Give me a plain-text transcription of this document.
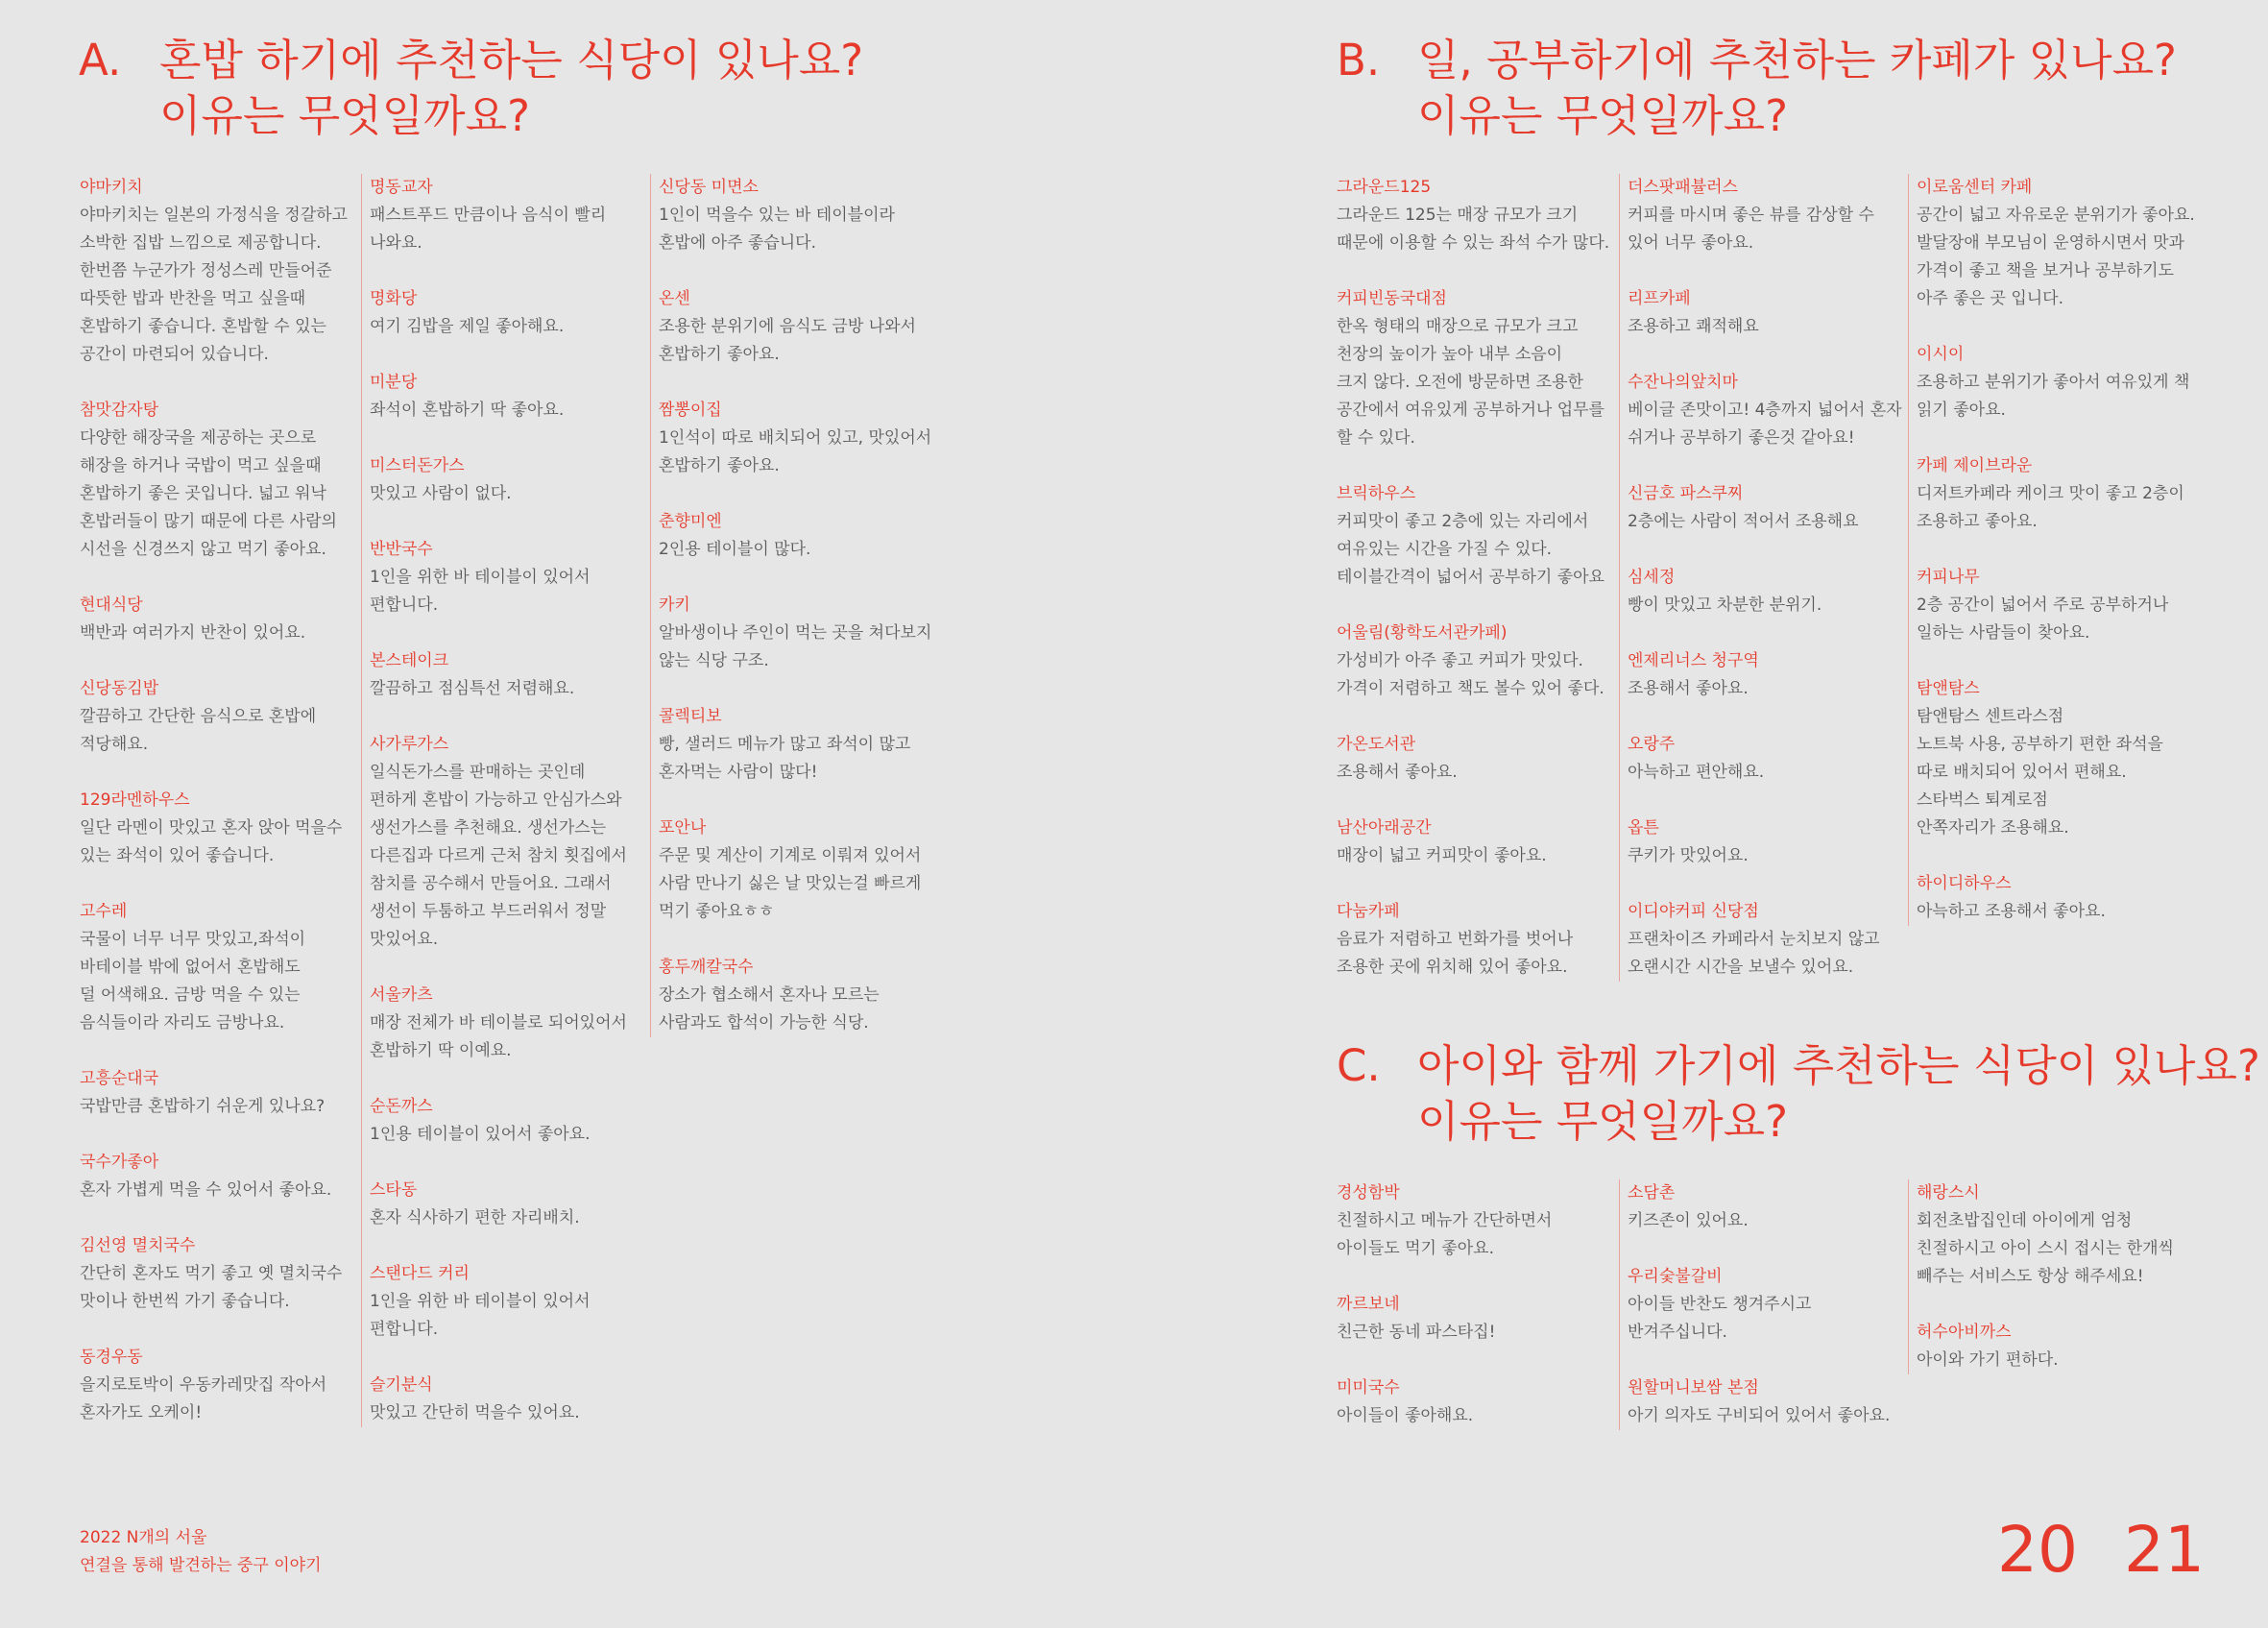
A. 혼밥 하기에 추천하는 식당이 있나요?
이유는 무엇일까요?
야마키치
야마키치는 일본의 가정식을 정갈하고
소박한 집밥 느낌으로 제공합니다.
한번쯤 누군가가 정성스레 만들어준
따뜻한 밥과 반찬을 먹고 싶을때
혼밥하기 좋습니다. 혼밥할 수 있는
공간이 마련되어 있습니다.
참맛감자탕
다양한 해장국을 제공하는 곳으로
해장을 하거나 국밥이 먹고 싶을때
혼밥하기 좋은 곳입니다. 넓고 워낙
혼밥러들이 많기 때문에 다른 사람의
시선을 신경쓰지 않고 먹기 좋아요.
현대식당
백반과 여러가지 반찬이 있어요.
신당동김밥
깔끔하고 간단한 음식으로 혼밥에
적당해요.
129라멘하우스
일단 라멘이 맛있고 혼자 앉아 먹을수
있는 좌석이 있어 좋습니다.
고수레
국물이 너무 너무 맛있고,좌석이
바테이블 밖에 없어서 혼밥해도
덜 어색해요. 금방 먹을 수 있는
음식들이라 자리도 금방나요.
고흥순대국
국밥만큼 혼밥하기 쉬운게 있나요?
국수가좋아
혼자 가볍게 먹을 수 있어서 좋아요.
김선영 멸치국수
간단히 혼자도 먹기 좋고 옛 멸치국수
맛이나 한번씩 가기 좋습니다.
동경우동
을지로토박이 우동카레맛집 작아서
혼자가도 오케이!
명동교자
패스트푸드 만큼이나 음식이 빨리
나와요.
명화당
여기 김밥을 제일 좋아해요.
미분당
좌석이 혼밥하기 딱 좋아요.
미스터돈가스
맛있고 사람이 없다.
반반국수
1인을 위한 바 테이블이 있어서
편합니다.
본스테이크
깔끔하고 점심특선 저렴해요.
사가루가스
일식돈가스를 판매하는 곳인데
편하게 혼밥이 가능하고 안심가스와
생선가스를 추천해요. 생선가스는
다른집과 다르게 근처 참치 횟집에서
참치를 공수해서 만들어요. 그래서
생선이 두툼하고 부드러워서 정말
맛있어요.
서울카츠
매장 전체가 바 테이블로 되어있어서
혼밥하기 딱 이예요.
순돈까스
1인용 테이블이 있어서 좋아요.
스타동
혼자 식사하기 편한 자리배치.
스탠다드 커리
1인을 위한 바 테이블이 있어서
편합니다.
슬기분식
맛있고 간단히 먹을수 있어요.
신당동 미면소
1인이 먹을수 있는 바 테이블이라
혼밥에 아주 좋습니다.
온센
조용한 분위기에 음식도 금방 나와서
혼밥하기 좋아요.
짬뽕이집
1인석이 따로 배치되어 있고, 맛있어서
혼밥하기 좋아요.
춘향미엔
2인용 테이블이 많다.
카키
알바생이나 주인이 먹는 곳을 쳐다보지
않는 식당 구조.
콜렉티보
빵, 샐러드 메뉴가 많고 좌석이 많고
혼자먹는 사람이 많다!
포안나
주문 및 계산이 기계로 이뤄져 있어서
사람 만나기 싫은 날 맛있는걸 빠르게
먹기 좋아요ㅎㅎ
홍두깨칼국수
장소가 협소해서 혼자나 모르는
사람과도 합석이 가능한 식당.
B. 일, 공부하기에 추천하는 카페가 있나요?
이유는 무엇일까요?
그라운드125
그라운드 125는 매장 규모가 크기
때문에 이용할 수 있는 좌석 수가 많다.
커피빈동국대점
한옥 형태의 매장으로 규모가 크고
천장의 높이가 높아 내부 소음이
크지 않다. 오전에 방문하면 조용한
공간에서 여유있게 공부하거나 업무를
할 수 있다.
브릭하우스
커피맛이 좋고 2층에 있는 자리에서
여유있는 시간을 가질 수 있다.
테이블간격이 넓어서 공부하기 좋아요
어울림(황학도서관카페)
가성비가 아주 좋고 커피가 맛있다.
가격이 저렴하고 책도 볼수 있어 좋다.
가온도서관
조용해서 좋아요.
남산아래공간
매장이 넓고 커피맛이 좋아요.
다눔카페
음료가 저렴하고 번화가를 벗어나
조용한 곳에 위치해 있어 좋아요.
더스팟패뷸러스
커피를 마시며 좋은 뷰를 감상할 수
있어 너무 좋아요.
리프카페
조용하고 쾌적해요
수잔나의앞치마
베이글 존맛이고! 4층까지 넓어서 혼자
쉬거나 공부하기 좋은것 같아요!
신금호 파스쿠찌
2층에는 사람이 적어서 조용해요
심세정
빵이 맛있고 차분한 분위기.
엔제리너스 청구역
조용해서 좋아요.
오랑주
아늑하고 편안해요.
옵튼
쿠키가 맛있어요.
이디야커피 신당점
프랜차이즈 카페라서 눈치보지 않고
오랜시간 시간을 보낼수 있어요.
이로움센터 카페
공간이 넓고 자유로운 분위기가 좋아요.
발달장애 부모님이 운영하시면서 맛과
가격이 좋고 책을 보거나 공부하기도
아주 좋은 곳 입니다.
이시이
조용하고 분위기가 좋아서 여유있게 책
읽기 좋아요.
카페 제이브라운
디저트카페라 케이크 맛이 좋고 2층이
조용하고 좋아요.
커피나무
2층 공간이 넓어서 주로 공부하거나
일하는 사람들이 찾아요.
탐앤탐스
탐앤탐스 센트라스점
노트북 사용, 공부하기 편한 좌석을
따로 배치되어 있어서 편해요.
스타벅스 퇴계로점
안쪽자리가 조용해요.
하이디하우스
아늑하고 조용해서 좋아요.
C. 아이와 함께 가기에 추천하는 식당이 있나요?
이유는 무엇일까요?
경성함박
친절하시고 메뉴가 간단하면서
아이들도 먹기 좋아요.
까르보네
친근한 동네 파스타집!
미미국수
아이들이 좋아해요.
소담촌
키즈존이 있어요.
우리숯불갈비
아이들 반찬도 챙겨주시고
반겨주십니다.
원할머니보쌈 본점
아기 의자도 구비되어 있어서 좋아요.
해랑스시
회전초밥집인데 아이에게 엄청
친절하시고 아이 스시 접시는 한개씩
빼주는 서비스도 항상 해주세요!
허수아비까스
아이와 가기 편하다.
2022 N개의 서울
연결을 통해 발견하는 중구 이야기	20 21
